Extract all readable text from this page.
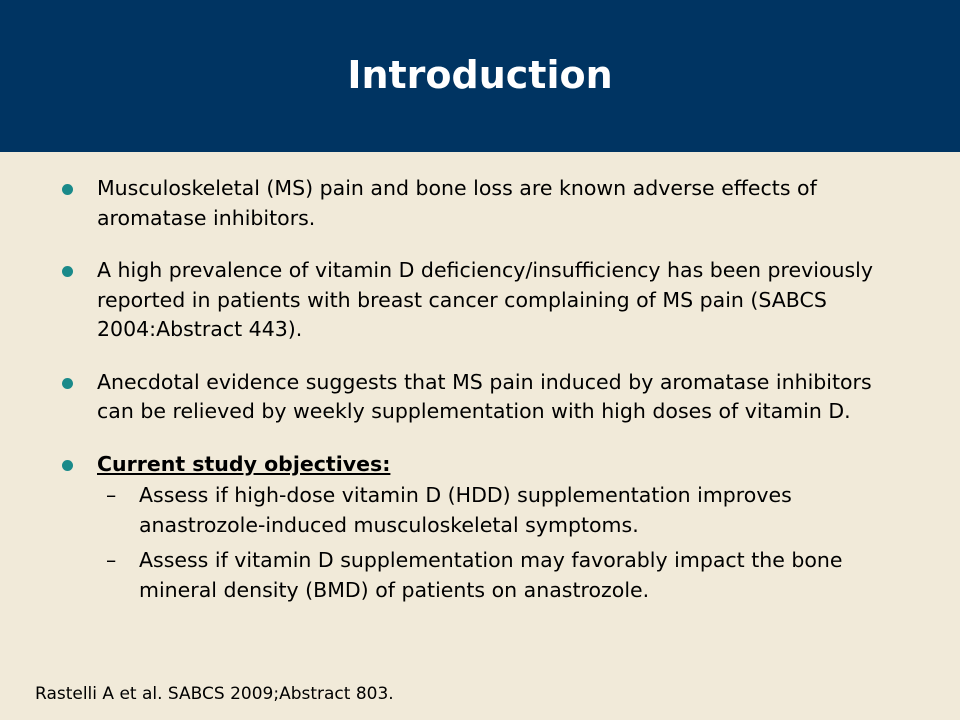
Introduction
Musculoskeletal (MS) pain and bone loss are known adverse effects of aromatase inhibitors.
A high prevalence of vitamin D deficiency/insufficiency has been previously reported in patients with breast cancer complaining of MS pain (SABCS 2004:Abstract 443).
Anecdotal evidence suggests that MS pain induced by aromatase inhibitors can be relieved by weekly supplementation with high doses of vitamin D.
Current study objectives:
– Assess if high-dose vitamin D (HDD) supplementation improves anastrozole-induced musculoskeletal symptoms.
– Assess if vitamin D supplementation may favorably impact the bone mineral density (BMD) of patients on anastrozole.
Rastelli A et al. SABCS 2009;Abstract 803.
